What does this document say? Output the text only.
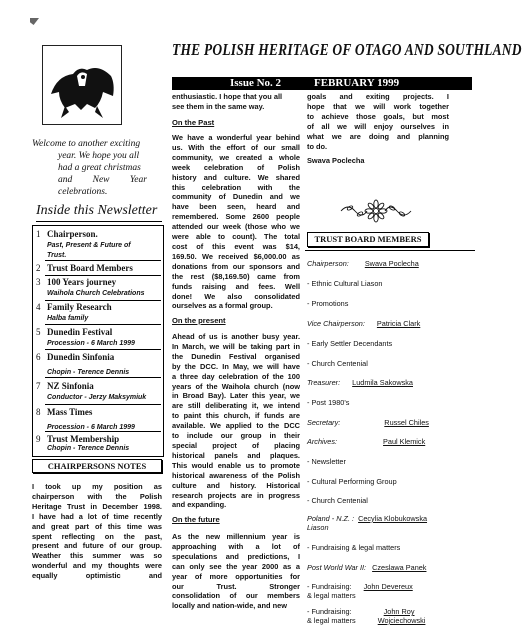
THE POLISH HERITAGE OF OTAGO AND SOUTHLAND
Issue No. 2	FEBRUARY 1999
Welcome to another exciting
year. We hope you all
had a great christmas
and New Year
celebrations.
Inside this Newsletter
1 Chairperson.
Past, Present & Future of
Trust.
2 Trust Board Members
3 100 Years journey
Waihola Church Celebrations
4 Family Research
Halba family
5 Dunedin Festival
Procession - 6 March 1999
6 Dunedin Sinfonia
Chopin - Terence Dennis
7 NZ Sinfonia
Conductor - Jerzy Maksymiuk
8 Mass Times
Procession - 6 March 1999
9 Trust Membership
Chopin - Terence Dennis
CHAIRPERSONS NOTES
I took up my position as
chairperson with the Polish
Heritage Trust in December 1998.
I have had a lot of time recently
and great part of this time was
spent reflecting on the past,
present and future of our group.
Weather this summer was so
wonderful and my thoughts were
equally optimistic and
enthusiastic. I hope that you all
see them in the same way.
On the Past
We have a wonderful year behind
us. With the effort of our small
community, we created a whole
week celebration of Polish
history and culture. We shared
this celebration with the
community of Dunedin and we
have been seen, heard and
remembered. Some 2600 people
attended our week (those who we
were able to count). The total
cost of this event was $14,
169.50. We received $6,000.00 as
donations from our sponsors and
the rest ($8,169.50) came from
funds raising and fees. Well
done! We also consolidated
ourselves as a formal group.
On the present
Ahead of us is another busy year.
In March, we will be taking part in
the Dunedin Festival organised
by the DCC. In May, we will have
a three day celebration of the 100
years of the Waihola church (now
in Broad Bay). Later this year, we
are still deliberating it, we intend
to paint this church, if funds are
available. We applied to the DCC
to include our group in their
special project of placing
historical panels and plaques.
This would enable us to promote
historical awareness of the Polish
culture and history. Historical
research projects are in progress
and expanding.
On the future
As the new millennium year is
approaching with a lot of
speculations and predictions, I
can only see the year 2000 as a
year of more opportunities for
our Trust. Stronger
consolidation of our members
locally and nation-wide, and new
goals and exiting projects. I
hope that we will work together
to achieve those goals, but most
of all we will enjoy ourselves in
what we are doing and planning
to do.
Swava Poclecha
TRUST BOARD MEMBERS
Chairperson: Swava Poclecha
- Ethnic Cultural Liason
- Promotions
Vice Chairperson: Patricia Clark
- Early Settler Decendants
- Church Centenial
Treasurer: Ludmila Sakowska
- Post 1980's
Secretary:	Russel Chiles
Archives:	Paul Klemick
- Newsletter
- Cultural Performing Group
- Church Centenial
Poland - N.Z. : Cecylia Klobukowska
Liason
- Fundraising & legal matters
Post World War II: Czeslawa Panek
- Fundraising: John Devereux
& legal matters
- Fundraising:	John Roy
& legal matters	Wojciechowski
